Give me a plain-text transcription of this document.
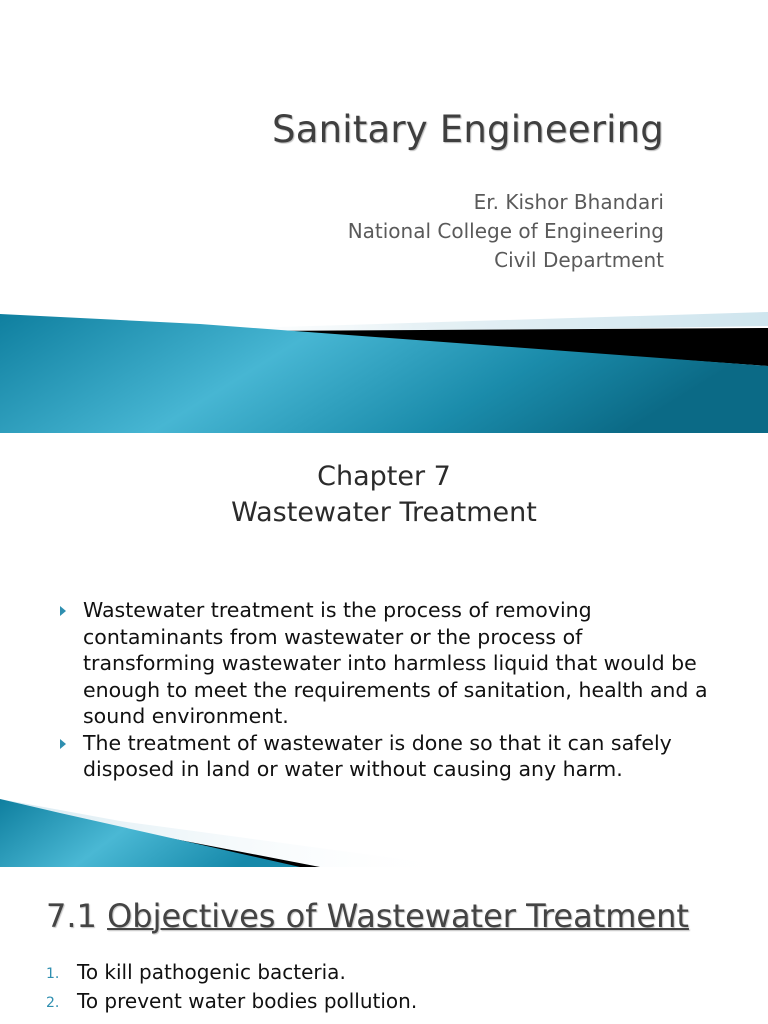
Sanitary Engineering
Er. Kishor Bhandari
National College of Engineering
Civil Department
Chapter 7
Wastewater Treatment
Wastewater treatment is the process of removing contaminants from wastewater or the process of transforming wastewater into harmless liquid that would be enough to meet the requirements of sanitation, health and a sound environment.
The treatment of wastewater is done so that it can safely disposed in land or water without causing any harm.
7.1 Objectives of Wastewater Treatment
1. To kill pathogenic bacteria.
2. To prevent water bodies pollution.
